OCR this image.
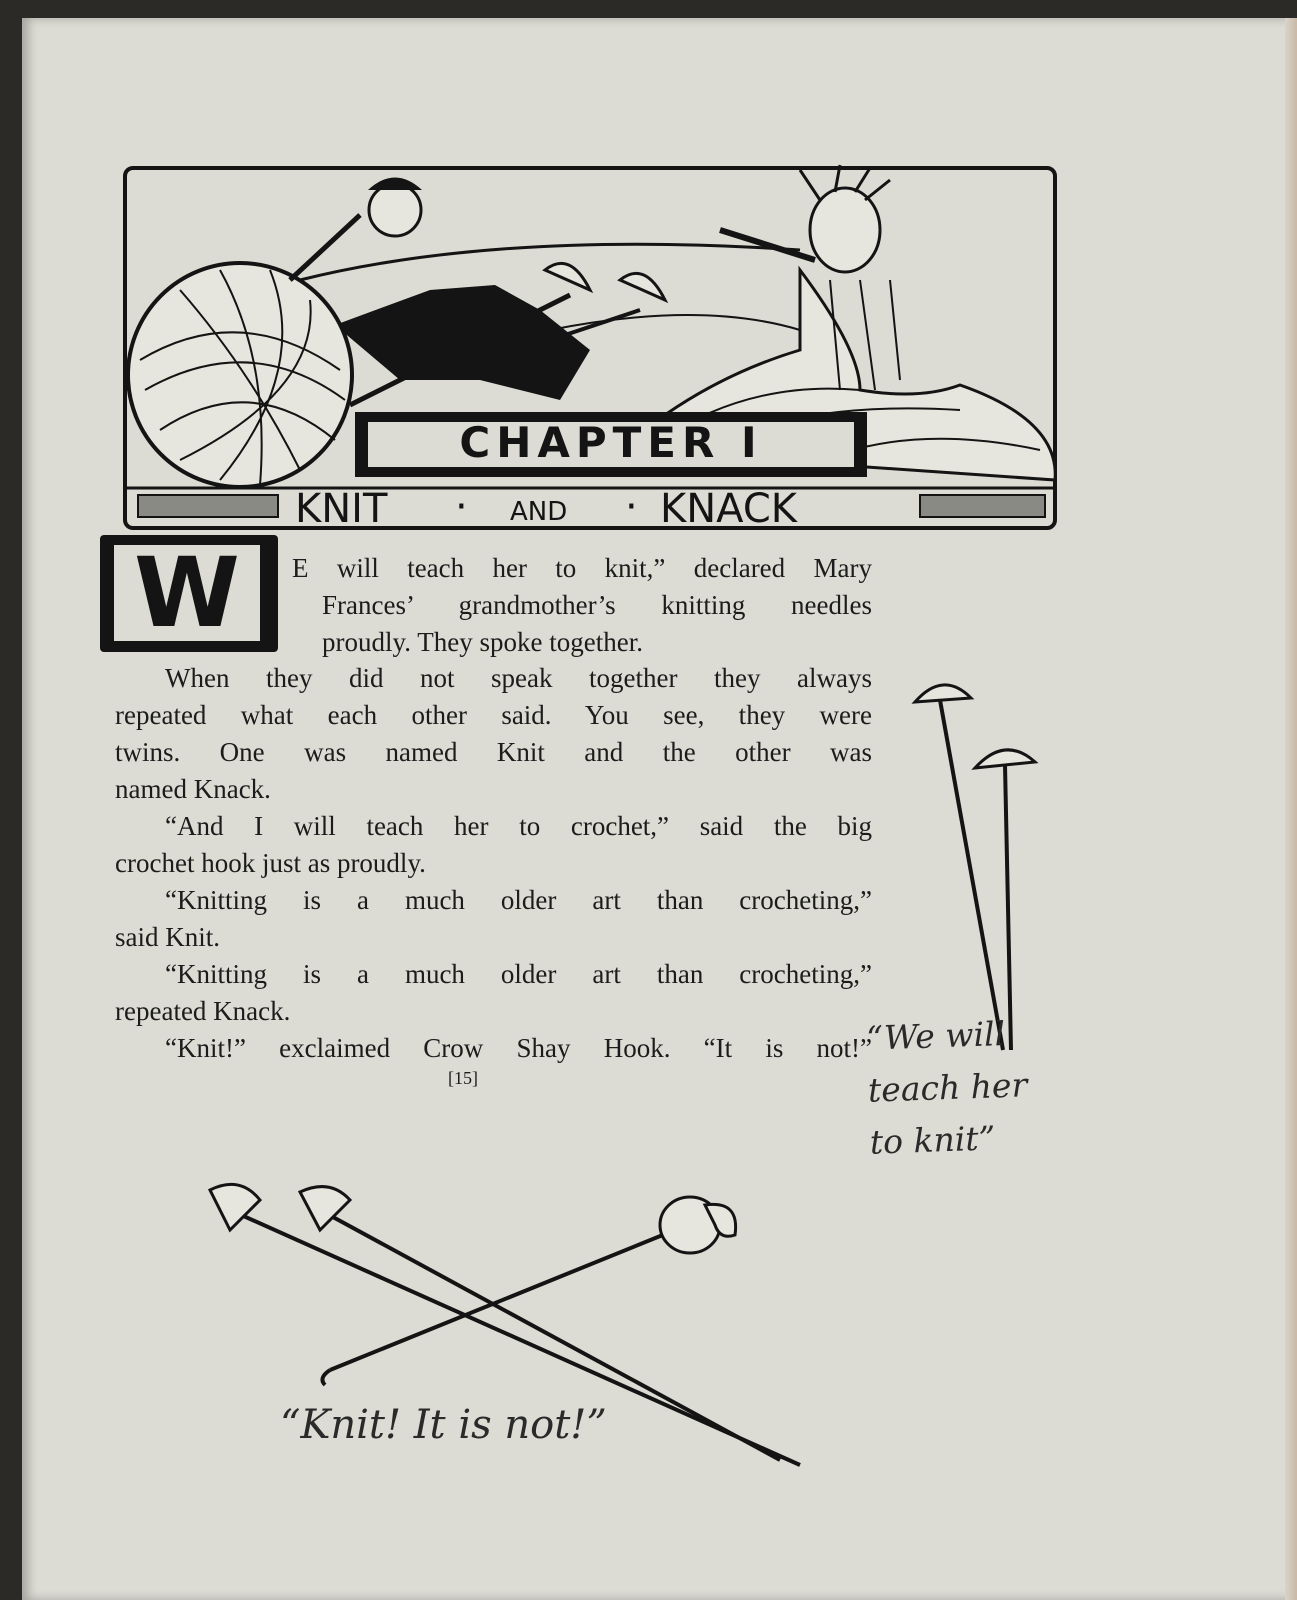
CHAPTER I
KNIT · AND · KNACK
W	E will teach her to knit,” declared Mary
Frances’ grandmother’s knitting needles
proudly. They spoke together.
When they did not speak together they always
repeated what each other said. You see, they were
twins. One was named Knit and the other was
named Knack.
“And I will teach her to crochet,” said the big
crochet hook just as proudly.
“Knitting is a much older art than crocheting,”
said Knit.
“Knitting is a much older art than crocheting,”
repeated Knack.
“Knit!” exclaimed Crow Shay Hook. “It is not!”
[15]
“We will
teach her
to knit”
“Knit! It is not!”
